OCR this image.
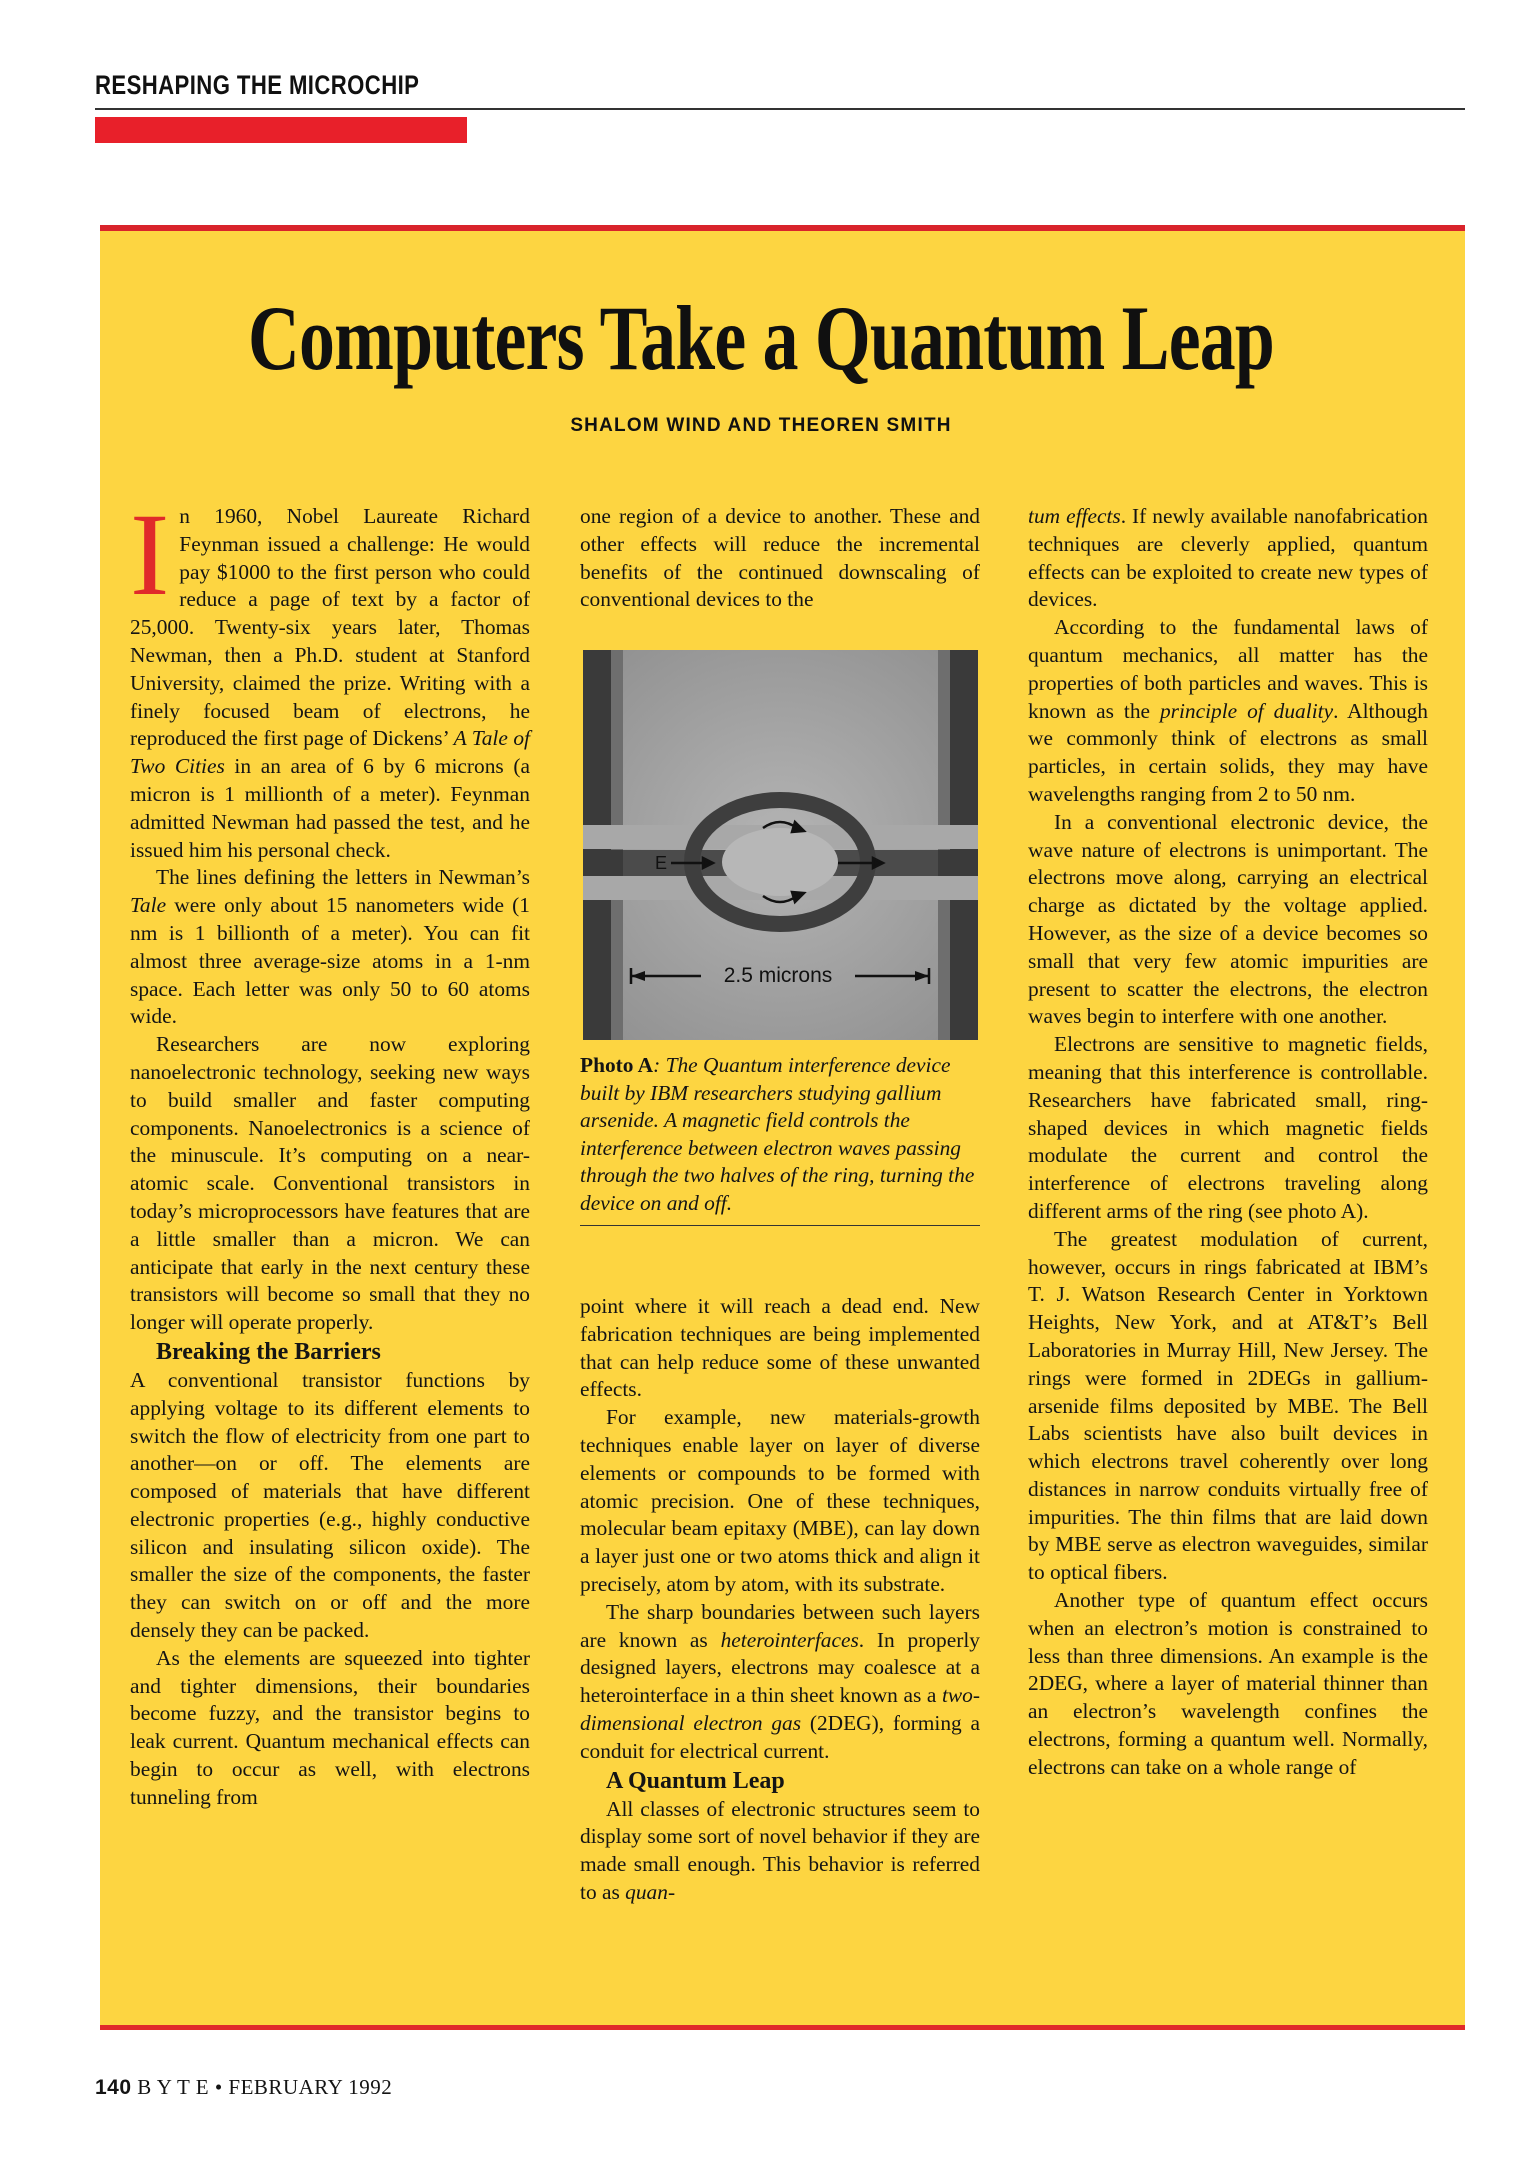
RESHAPING THE MICROCHIP
Computers Take a Quantum Leap
SHALOM WIND AND THEOREN SMITH

In 1960, Nobel Laureate Richard Feynman issued a challenge: He would pay $1000 to the first person who could reduce a page of text by a factor of 25,000. Twenty-six years later, Thomas Newman, then a Ph.D. student at Stanford University, claimed the prize. Writing with a finely focused beam of electrons, he reproduced the first page of Dickens’ A Tale of Two Cities in an area of 6 by 6 microns (a micron is 1 millionth of a meter). Feynman admitted Newman had passed the test, and he issued him his personal check.

The lines defining the letters in Newman’s Tale were only about 15 nanometers wide (1 nm is 1 billionth of a meter). You can fit almost three average-size atoms in a 1-nm space. Each letter was only 50 to 60 atoms wide.

Researchers are now exploring nanoelectronic technology, seeking new ways to build smaller and faster computing components. Nanoelectronics is a science of the minuscule. It’s computing on a near-atomic scale. Conventional transistors in today’s microprocessors have features that are a little smaller than a micron. We can anticipate that early in the next century these transistors will become so small that they no longer will operate properly.

Breaking the Barriers

A conventional transistor functions by applying voltage to its different elements to switch the flow of electricity from one part to another—on or off. The elements are composed of materials that have different electronic properties (e.g., highly conductive silicon and insulating silicon oxide). The smaller the size of the components, the faster they can switch on or off and the more densely they can be packed.

As the elements are squeezed into tighter and tighter dimensions, their boundaries become fuzzy, and the transistor begins to leak current. Quantum mechanical effects can begin to occur as well, with electrons tunneling from

one region of a device to another. These and other effects will reduce the incremental benefits of the continued downscaling of conventional devices to the

E
2.5 microns
Photo A: The Quantum interference device built by IBM researchers studying gallium arsenide. A magnetic field controls the interference between electron waves passing through the two halves of the ring, turning the device on and off.

point where it will reach a dead end. New fabrication techniques are being implemented that can help reduce some of these unwanted effects.

For example, new materials-growth techniques enable layer on layer of diverse elements or compounds to be formed with atomic precision. One of these techniques, molecular beam epitaxy (MBE), can lay down a layer just one or two atoms thick and align it precisely, atom by atom, with its substrate.

The sharp boundaries between such layers are known as heterointerfaces. In properly designed layers, electrons may coalesce at a heterointerface in a thin sheet known as a two-dimensional electron gas (2DEG), forming a conduit for electrical current.

A Quantum Leap

All classes of electronic structures seem to display some sort of novel behavior if they are made small enough. This behavior is referred to as quan-

tum effects. If newly available nanofabrication techniques are cleverly applied, quantum effects can be exploited to create new types of devices.

According to the fundamental laws of quantum mechanics, all matter has the properties of both particles and waves. This is known as the principle of duality. Although we commonly think of electrons as small particles, in certain solids, they may have wavelengths ranging from 2 to 50 nm.

In a conventional electronic device, the wave nature of electrons is unimportant. The electrons move along, carrying an electrical charge as dictated by the voltage applied. However, as the size of a device becomes so small that very few atomic impurities are present to scatter the electrons, the electron waves begin to interfere with one another.

Electrons are sensitive to magnetic fields, meaning that this interference is controllable. Researchers have fabricated small, ring-shaped devices in which magnetic fields modulate the current and control the interference of electrons traveling along different arms of the ring (see photo A).

The greatest modulation of current, however, occurs in rings fabricated at IBM’s T. J. Watson Research Center in Yorktown Heights, New York, and at AT&T’s Bell Laboratories in Murray Hill, New Jersey. The rings were formed in 2DEGs in gallium-arsenide films deposited by MBE. The Bell Labs scientists have also built devices in which electrons travel coherently over long distances in narrow conduits virtually free of impurities. The thin films that are laid down by MBE serve as electron waveguides, similar to optical fibers.

Another type of quantum effect occurs when an electron’s motion is constrained to less than three dimensions. An example is the 2DEG, where a layer of material thinner than an electron’s wavelength confines the electrons, forming a quantum well. Normally, electrons can take on a whole range of

140 B Y T E • FEBRUARY 1992
